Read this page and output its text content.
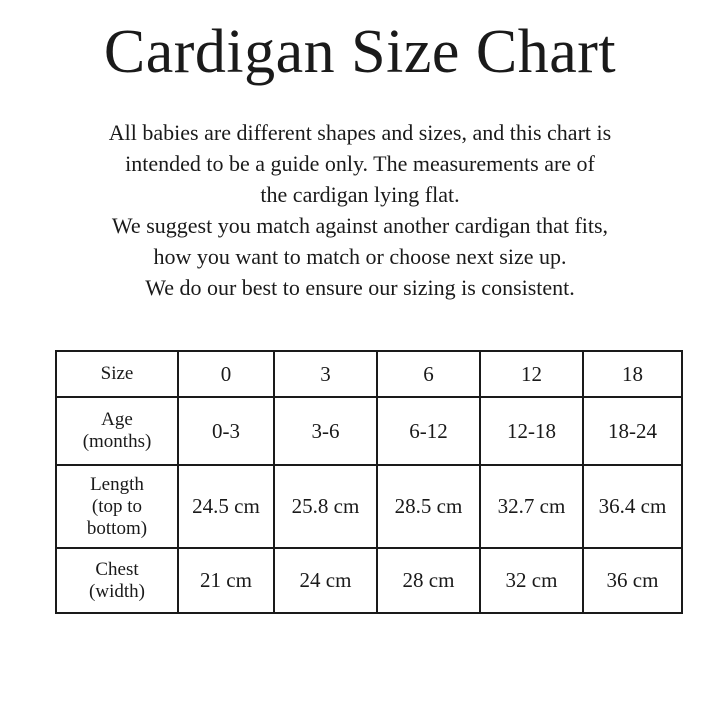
Cardigan Size Chart
All babies are different shapes and sizes, and this chart is
intended to be a guide only. The measurements are of
the cardigan lying flat.
We suggest you match against another cardigan that fits,
how you want to match or choose next size up.
We do our best to ensure our sizing is consistent.
Size	0	3	6	12	18

Age
(months)	0-3	3-6	6-12	12-18	18-24

Length
(top to
bottom)	24.5 cm	25.8 cm	28.5 cm	32.7 cm	36.4 cm

Chest
(width)	21 cm	24 cm	28 cm	32 cm	36 cm
